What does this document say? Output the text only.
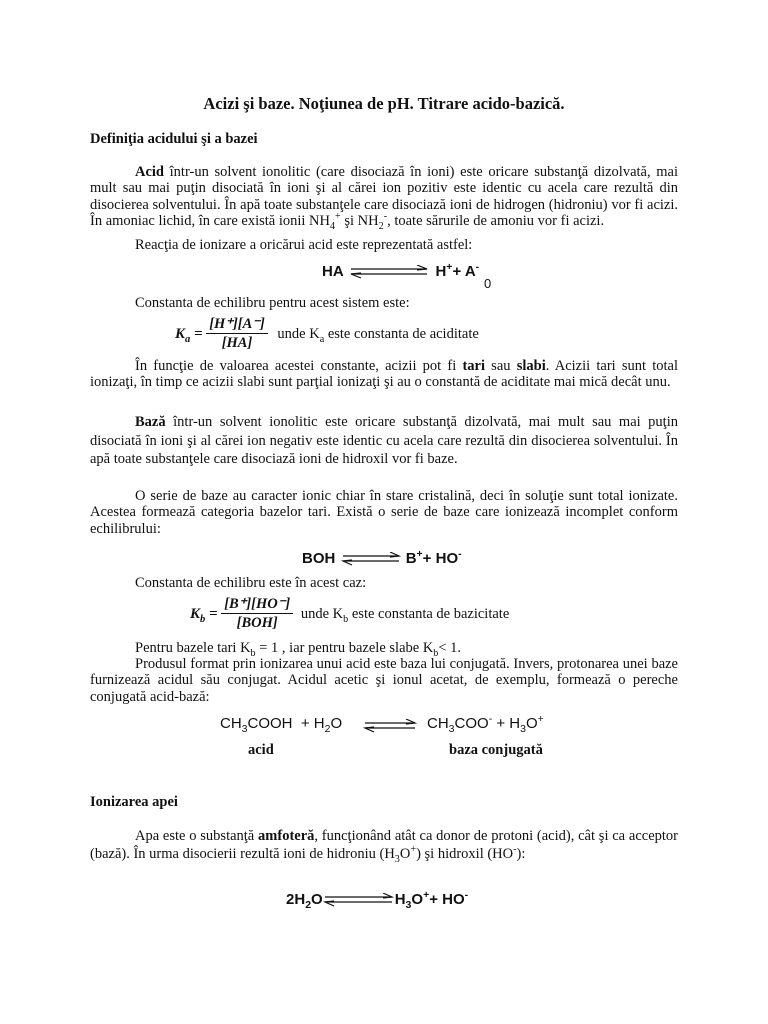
Acizi şi baze. Noţiunea de pH. Titrare acido-bazică.
Definiţia acidului şi a bazei

Acid într-un solvent ionolitic (care disociază în ioni) este oricare substanţă dizolvată, mai mult sau mai puţin disociată în ioni şi al cărei ion pozitiv este identic cu acela care rezultă din disocierea solventului. În apă toate substanţele care disociază ioni de hidrogen (hidroniu) vor fi acizi. În amoniac lichid, în care există ionii $NH_4^+$ şi $NH_2^-$, toate sărurile de amoniu vor fi acizi.

Reacţia de ionizare a oricărui acid este reprezentată astfel:
HA	H++ A-
0
Constanta de echilibru pentru acest sistem este:
$K_a = \frac{[H^+][A^-]}{[HA]}$ unde $K_a$ este constanta de aciditate

În funcţie de valoarea acestei constante, acizii pot fi tari sau slabi. Acizii tari sunt total ionizaţi, în timp ce acizii slabi sunt parţial ionizaţi şi au o constantă de aciditate mai mică decât unu.

Bază într-un solvent ionolitic este oricare substanţă dizolvată, mai mult sau mai puţin disociată în ioni şi al cărei ion negativ este identic cu acela care rezultă din disocierea solventului. În apă toate substanţele care disociază ioni de hidroxil vor fi baze.

O serie de baze au caracter ionic chiar în stare cristalină, deci în soluţie sunt total ionizate. Acestea formează categoria bazelor tari. Există o serie de baze care ionizează incomplet conform echilibrului:

BOH	B++ HO-
Constanta de echilibru este în acest caz:
$K_b = \frac{[B^+][HO^-]}{\text{[BOH]}}$ unde $K_b$ este constanta de bazicitate
Pentru bazele tari $K_b = 1$ , iar pentru bazele slabe $K_b< 1$.

Produsul format prin ionizarea unui acid este baza lui conjugată. Invers, protonarea unei baze furnizează acidul său conjugat. Acidul acetic şi ionul acetat, de exemplu, formează o pereche conjugată acid-bază:

$CH_3COOH + H_2O$ ⇌ $CH_3COO^- + H_3O^+$
acid	baza conjugată
Ionizarea apei

Apa este o substanţă amfoteră, funcţionând atât ca donor de protoni (acid), cât şi ca acceptor (bază). În urma disocierii rezultă ioni de hidroniu $(H_3O^+)$ şi hidroxil (HO-):

$2H_2O$	$H_3O^++ HO^-$
